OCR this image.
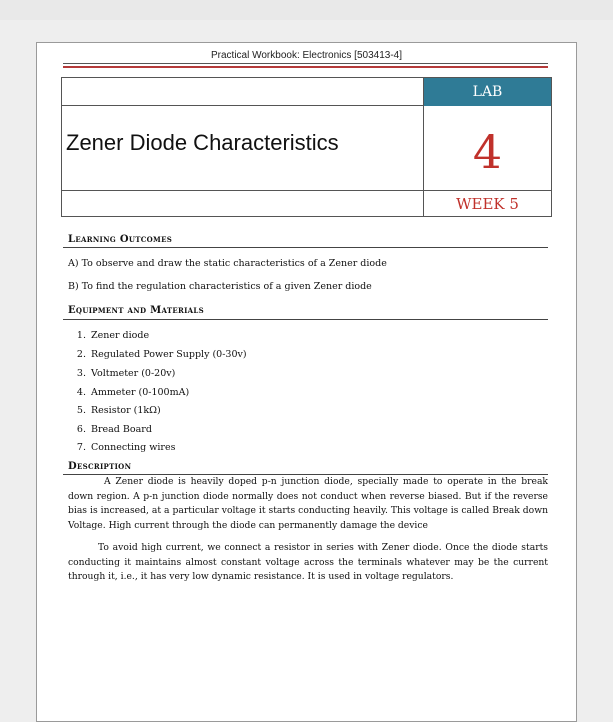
Practical Workbook: Electronics [503413-4]
LAB
Zener Diode Characteristics	4
WEEK 5
Learning Outcomes
A) To observe and draw the static characteristics of a Zener diode
B) To find the regulation characteristics of a given Zener diode
Equipment and Materials
1. Zener diode
2. Regulated Power Supply (0-30v)
3. Voltmeter (0-20v)
4. Ammeter (0-100mA)
5. Resistor (1kΩ)
6. Bread Board
7. Connecting wires
Description
A Zener diode is heavily doped p-n junction diode, specially made to operate in the break down region. A p-n junction diode normally does not conduct when reverse biased. But if the reverse bias is increased, at a particular voltage it starts conducting heavily. This voltage is called Break down Voltage. High current through the diode can permanently damage the device
To avoid high current, we connect a resistor in series with Zener diode. Once the diode starts conducting it maintains almost constant voltage across the terminals whatever may be the current through it, i.e., it has very low dynamic resistance. It is used in voltage regulators.
